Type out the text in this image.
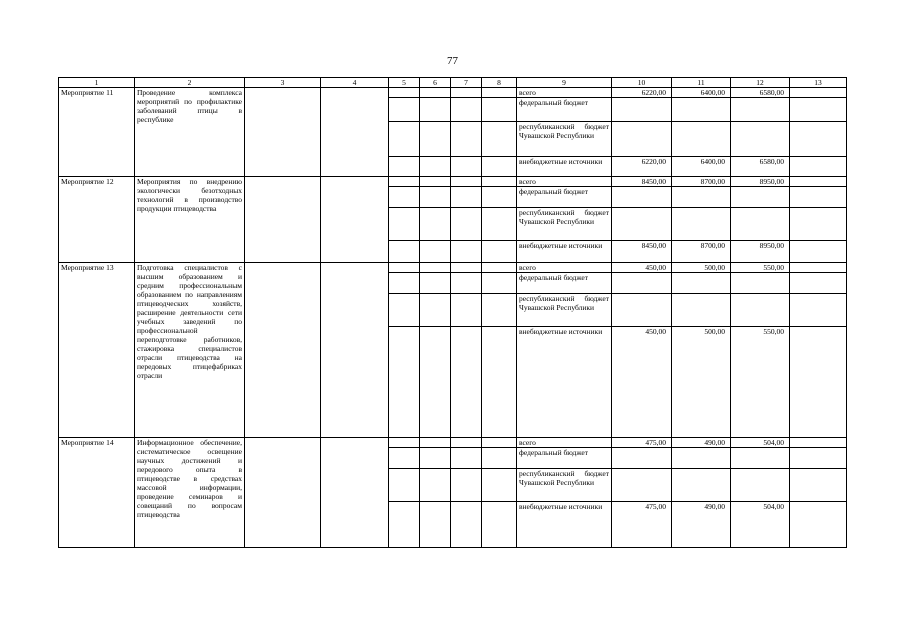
77
1	2	3	4	5	6	7	8	9	10	11	12	13
Мероприятие 11	Проведение комплекса мероприятий по профилактике заболеваний птицы в республике							всего	6220,00	6400,00	6580,00	
								федеральный бюджет				
								республиканский бюджет Чувашской Республики				
								внебюджетные источники	6220,00	6400,00	6580,00	
Мероприятие 12	Мероприятия по внедрению экологически безотходных технологий в производство продукции птицеводства							всего	8450,00	8700,00	8950,00	
								федеральный бюджет				
								республиканский бюджет Чувашской Республики				
								внебюджетные источники	8450,00	8700,00	8950,00	
Мероприятие 13	Подготовка специалистов с высшим образованием и средним профессиональным образованием по направлениям птицеводческих хозяйств, расширение деятельности сети учебных заведений по профессиональной переподготовке работников, стажировка специалистов отрасли птицеводства на передовых птицефабриках отрасли							всего	450,00	500,00	550,00	
								федеральный бюджет				
								республиканский бюджет Чувашской Республики				
								внебюджетные источники	450,00	500,00	550,00	
Мероприятие 14	Информационное обеспечение, систематическое освещение научных достижений и передового опыта в птицеводстве в средствах массовой информации, проведение семинаров и совещаний по вопросам птицеводства							всего	475,00	490,00	504,00	
								федеральный бюджет				
								республиканский бюджет Чувашской Республики				
								внебюджетные источники	475,00	490,00	504,00	
